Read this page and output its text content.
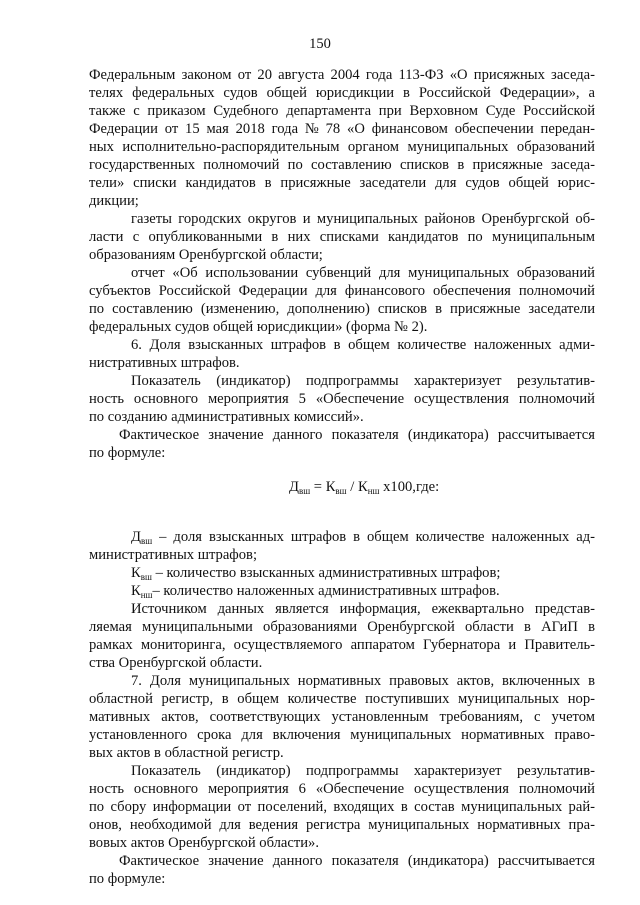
150
Федеральным законом от 20 августа 2004 года 113-ФЗ «О присяжных заседа-
телях федеральных судов общей юрисдикции в Российской Федерации», а
также с приказом Судебного департамента при Верховном Суде Российской
Федерации от 15 мая 2018 года № 78 «О финансовом обеспечении передан-
ных исполнительно-распорядительным органом муниципальных образований
государственных полномочий по составлению списков в присяжные заседа-
тели» списки кандидатов в присяжные заседатели для судов общей юрис-
дикции;
газеты городских округов и муниципальных районов Оренбургской об-
ласти с опубликованными в них списками кандидатов по муниципальным
образованиям Оренбургской области;
отчет «Об использовании субвенций для муниципальных образований
субъектов Российской Федерации для финансового обеспечения полномочий
по составлению (изменению, дополнению) списков в присяжные заседатели
федеральных судов общей юрисдикции» (форма № 2).
6. Доля взысканных штрафов в общем количестве наложенных адми-
нистративных штрафов.
Показатель (индикатор) подпрограммы характеризует результатив-
ность основного мероприятия 5 «Обеспечение осуществления полномочий
по созданию административных комиссий».
Фактическое значение данного показателя (индикатора) рассчитывается
по формуле:
$Д_{вш} = К_{вш} / К_{нш}$ х100,где:
$Д_{вш}$ – доля взысканных штрафов в общем количестве наложенных ад-
министративных штрафов;
$К_{вш}$ – количество взысканных административных штрафов;
$К_{нш}-$ количество наложенных административных штрафов.
Источником данных является информация, ежеквартально представ-
ляемая муниципальными образованиями Оренбургской области в АГиП в
рамках мониторинга, осуществляемого аппаратом Губернатора и Правитель-
ства Оренбургской области.
7. Доля муниципальных нормативных правовых актов, включенных в
областной регистр, в общем количестве поступивших муниципальных нор-
мативных актов, соответствующих установленным требованиям, с учетом
установленного срока для включения муниципальных нормативных право-
вых актов в областной регистр.
Показатель (индикатор) подпрограммы характеризует результатив-
ность основного мероприятия 6 «Обеспечение осуществления полномочий
по сбору информации от поселений, входящих в состав муниципальных рай-
онов, необходимой для ведения регистра муниципальных нормативных пра-
вовых актов Оренбургской области».
Фактическое значение данного показателя (индикатора) рассчитывается
по формуле:
